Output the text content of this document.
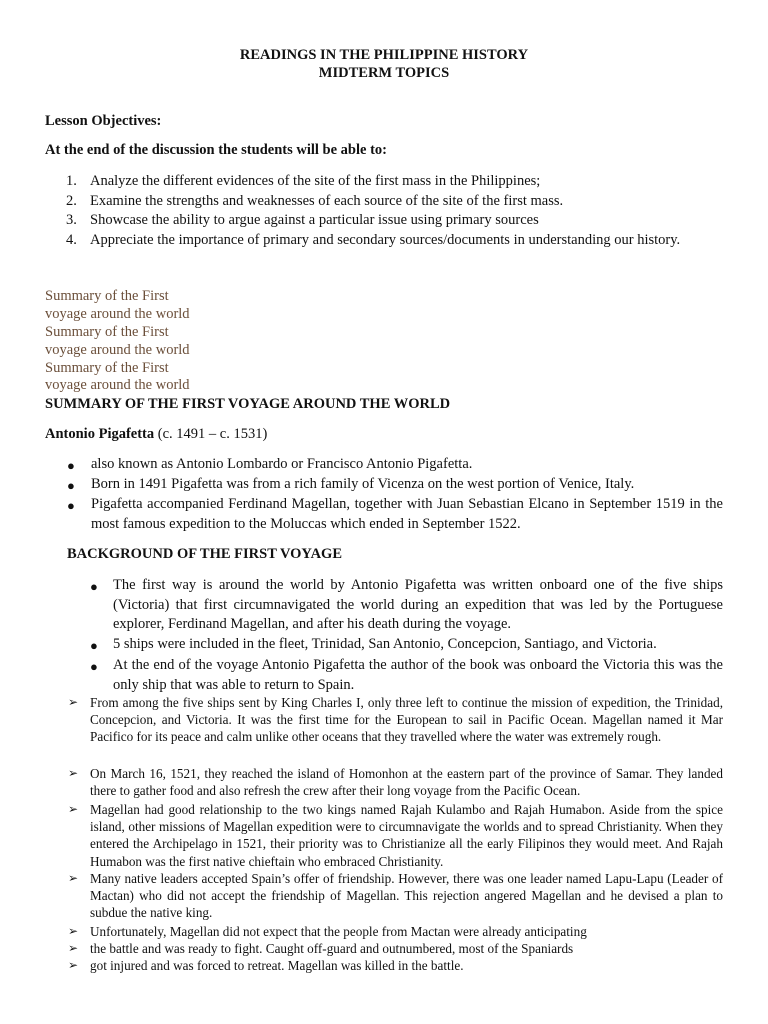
READINGS IN THE PHILIPPINE HISTORY
MIDTERM TOPICS
Lesson Objectives:
At the end of the discussion the students will be able to:
1. Analyze the different evidences of the site of the first mass in the Philippines;
2. Examine the strengths and weaknesses of each source of the site of the first mass.
3. Showcase the ability to argue against a particular issue using primary sources
4. Appreciate the importance of primary and secondary sources/documents in understanding our history.
Summary of the First
voyage around the world
Summary of the First
voyage around the world
Summary of the First
voyage around the world
SUMMARY OF THE FIRST VOYAGE AROUND THE WORLD
Antonio Pigafetta (c. 1491 – c. 1531)
● also known as Antonio Lombardo or Francisco Antonio Pigafetta.
● Born in 1491 Pigafetta was from a rich family of Vicenza on the west portion of Venice, Italy.
● Pigafetta accompanied Ferdinand Magellan, together with Juan Sebastian Elcano in September 1519 in the most famous expedition to the Moluccas which ended in September 1522.
BACKGROUND OF THE FIRST VOYAGE
● The first way is around the world by Antonio Pigafetta was written onboard one of the five ships (Victoria) that first circumnavigated the world during an expedition that was led by the Portuguese explorer, Ferdinand Magellan, and after his death during the voyage.
● 5 ships were included in the fleet, Trinidad, San Antonio, Concepcion, Santiago, and Victoria.
● At the end of the voyage Antonio Pigafetta the author of the book was onboard the Victoria this was the only ship that was able to return to Spain.
➢ From among the five ships sent by King Charles I, only three left to continue the mission of expedition, the Trinidad, Concepcion, and Victoria. It was the first time for the European to sail in Pacific Ocean. Magellan named it Mar Pacifico for its peace and calm unlike other oceans that they travelled where the water was extremely rough.
➢ On March 16, 1521, they reached the island of Homonhon at the eastern part of the province of Samar. They landed there to gather food and also refresh the crew after their long voyage from the Pacific Ocean.
➢ Magellan had good relationship to the two kings named Rajah Kulambo and Rajah Humabon. Aside from the spice island, other missions of Magellan expedition were to circumnavigate the worlds and to spread Christianity. When they entered the Archipelago in 1521, their priority was to Christianize all the early Filipinos they would meet. And Rajah Humabon was the first native chieftain who embraced Christianity.
➢ Many native leaders accepted Spain’s offer of friendship. However, there was one leader named Lapu-Lapu (Leader of Mactan) who did not accept the friendship of Magellan. This rejection angered Magellan and he devised a plan to subdue the native king.
➢ Unfortunately, Magellan did not expect that the people from Mactan were already anticipating
➢ the battle and was ready to fight. Caught off-guard and outnumbered, most of the Spaniards
➢ got injured and was forced to retreat. Magellan was killed in the battle.
